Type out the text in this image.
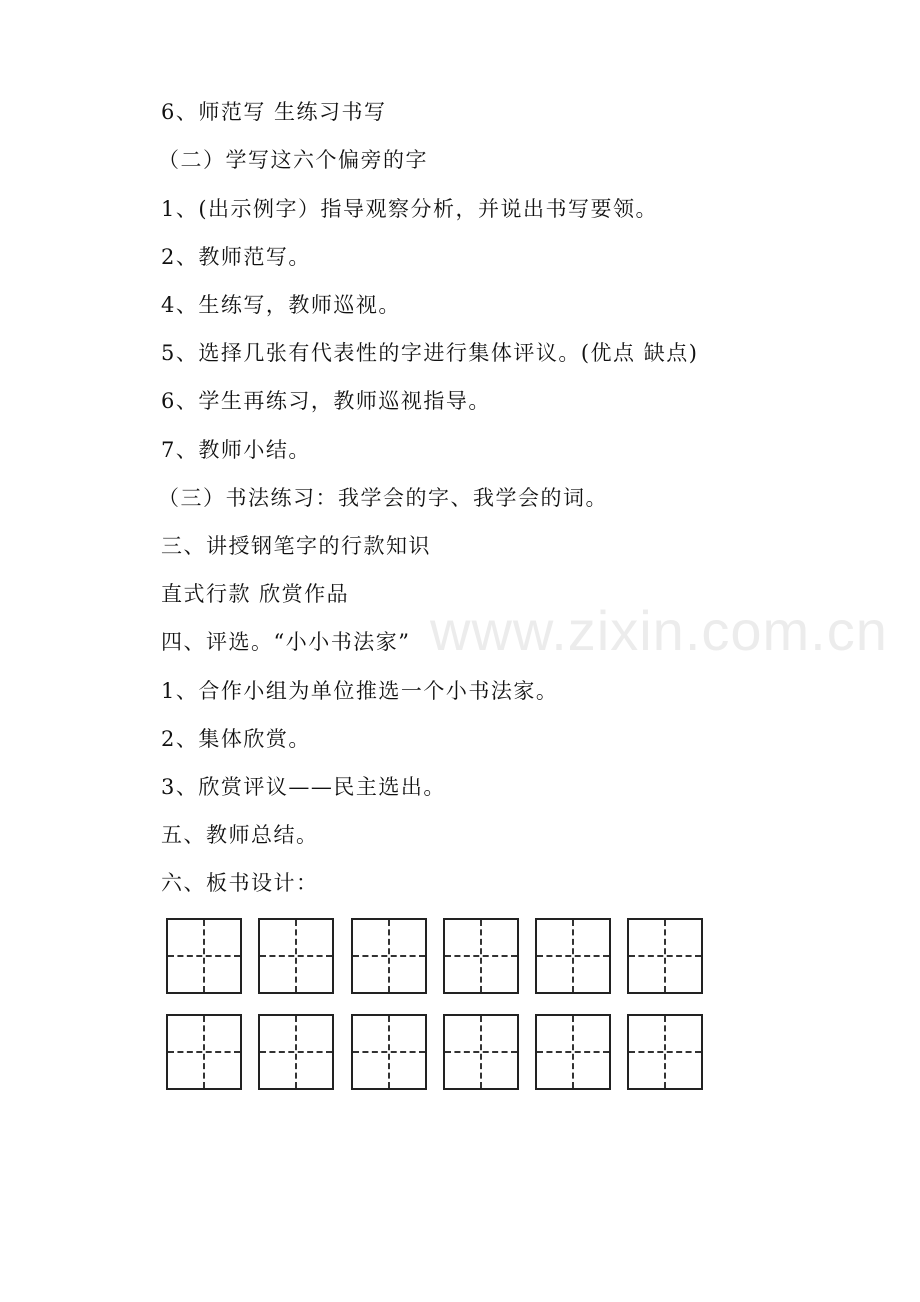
6、师范写 生练习书写
（二）学写这六个偏旁的字
1、(出示例字）指导观察分析，并说出书写要领。
2、教师范写。
4、生练写，教师巡视。
5、选择几张有代表性的字进行集体评议。(优点 缺点)
6、学生再练习，教师巡视指导。
7、教师小结。
（三）书法练习：我学会的字、我学会的词。
三、讲授钢笔字的行款知识
直式行款 欣赏作品
四、评选。“小小书法家”
1、合作小组为单位推选一个小书法家。
2、集体欣赏。
3、欣赏评议——民主选出。
五、教师总结。
六、板书设计：
www.zixin.com.cn
